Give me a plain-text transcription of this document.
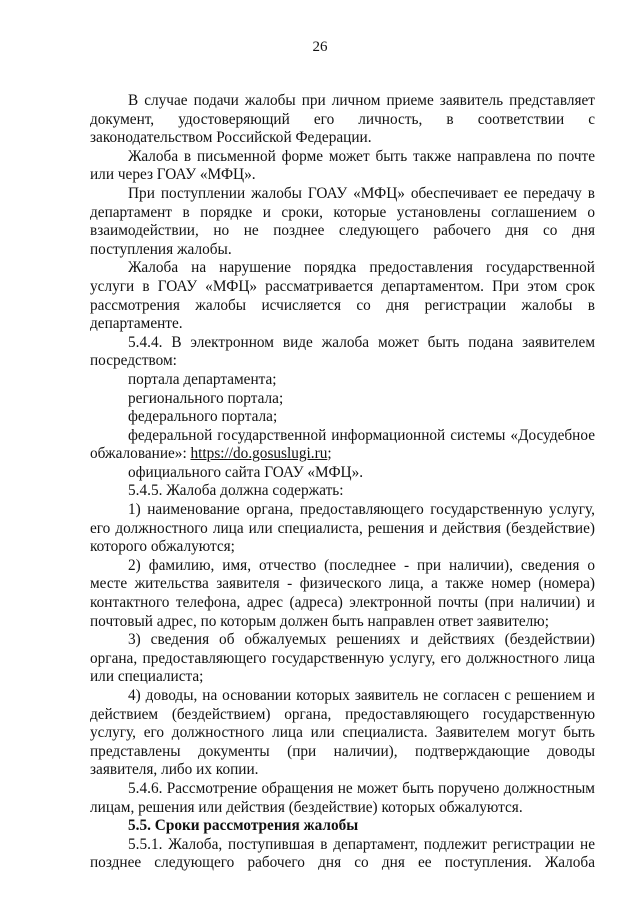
26

В случае подачи жалобы при личном приеме заявитель представляет документ, удостоверяющий его личность, в соответствии с законодательством Российской Федерации.

Жалоба в письменной форме может быть также направлена по почте или через ГОАУ «МФЦ».

При поступлении жалобы ГОАУ «МФЦ» обеспечивает ее передачу в департамент в порядке и сроки, которые установлены соглашением о взаимодействии, но не позднее следующего рабочего дня со дня поступления жалобы.

Жалоба на нарушение порядка предоставления государственной услуги в ГОАУ «МФЦ» рассматривается департаментом. При этом срок рассмотрения жалобы исчисляется со дня регистрации жалобы в департаменте.

5.4.4. В электронном виде жалоба может быть подана заявителем посредством:

портала департамента;

регионального портала;

федерального портала;

федеральной государственной информационной системы «Досудебное обжалование»: https://do.gosuslugi.ru;

официального сайта ГОАУ «МФЦ».

5.4.5. Жалоба должна содержать:

1) наименование органа, предоставляющего государственную услугу, его должностного лица или специалиста, решения и действия (бездействие) которого обжалуются;

2) фамилию, имя, отчество (последнее - при наличии), сведения о месте жительства заявителя - физического лица, а также номер (номера) контактного телефона, адрес (адреса) электронной почты (при наличии) и почтовый адрес, по которым должен быть направлен ответ заявителю;

3) сведения об обжалуемых решениях и действиях (бездействии) органа, предоставляющего государственную услугу, его должностного лица или специалиста;

4) доводы, на основании которых заявитель не согласен с решением и действием (бездействием) органа, предоставляющего государственную услугу, его должностного лица или специалиста. Заявителем могут быть представлены документы (при наличии), подтверждающие доводы заявителя, либо их копии.

5.4.6. Рассмотрение обращения не может быть поручено должностным лицам, решения или действия (бездействие) которых обжалуются.

5.5. Сроки рассмотрения жалобы

5.5.1. Жалоба, поступившая в департамент, подлежит регистрации не позднее следующего рабочего дня со дня ее поступления. Жалоба
